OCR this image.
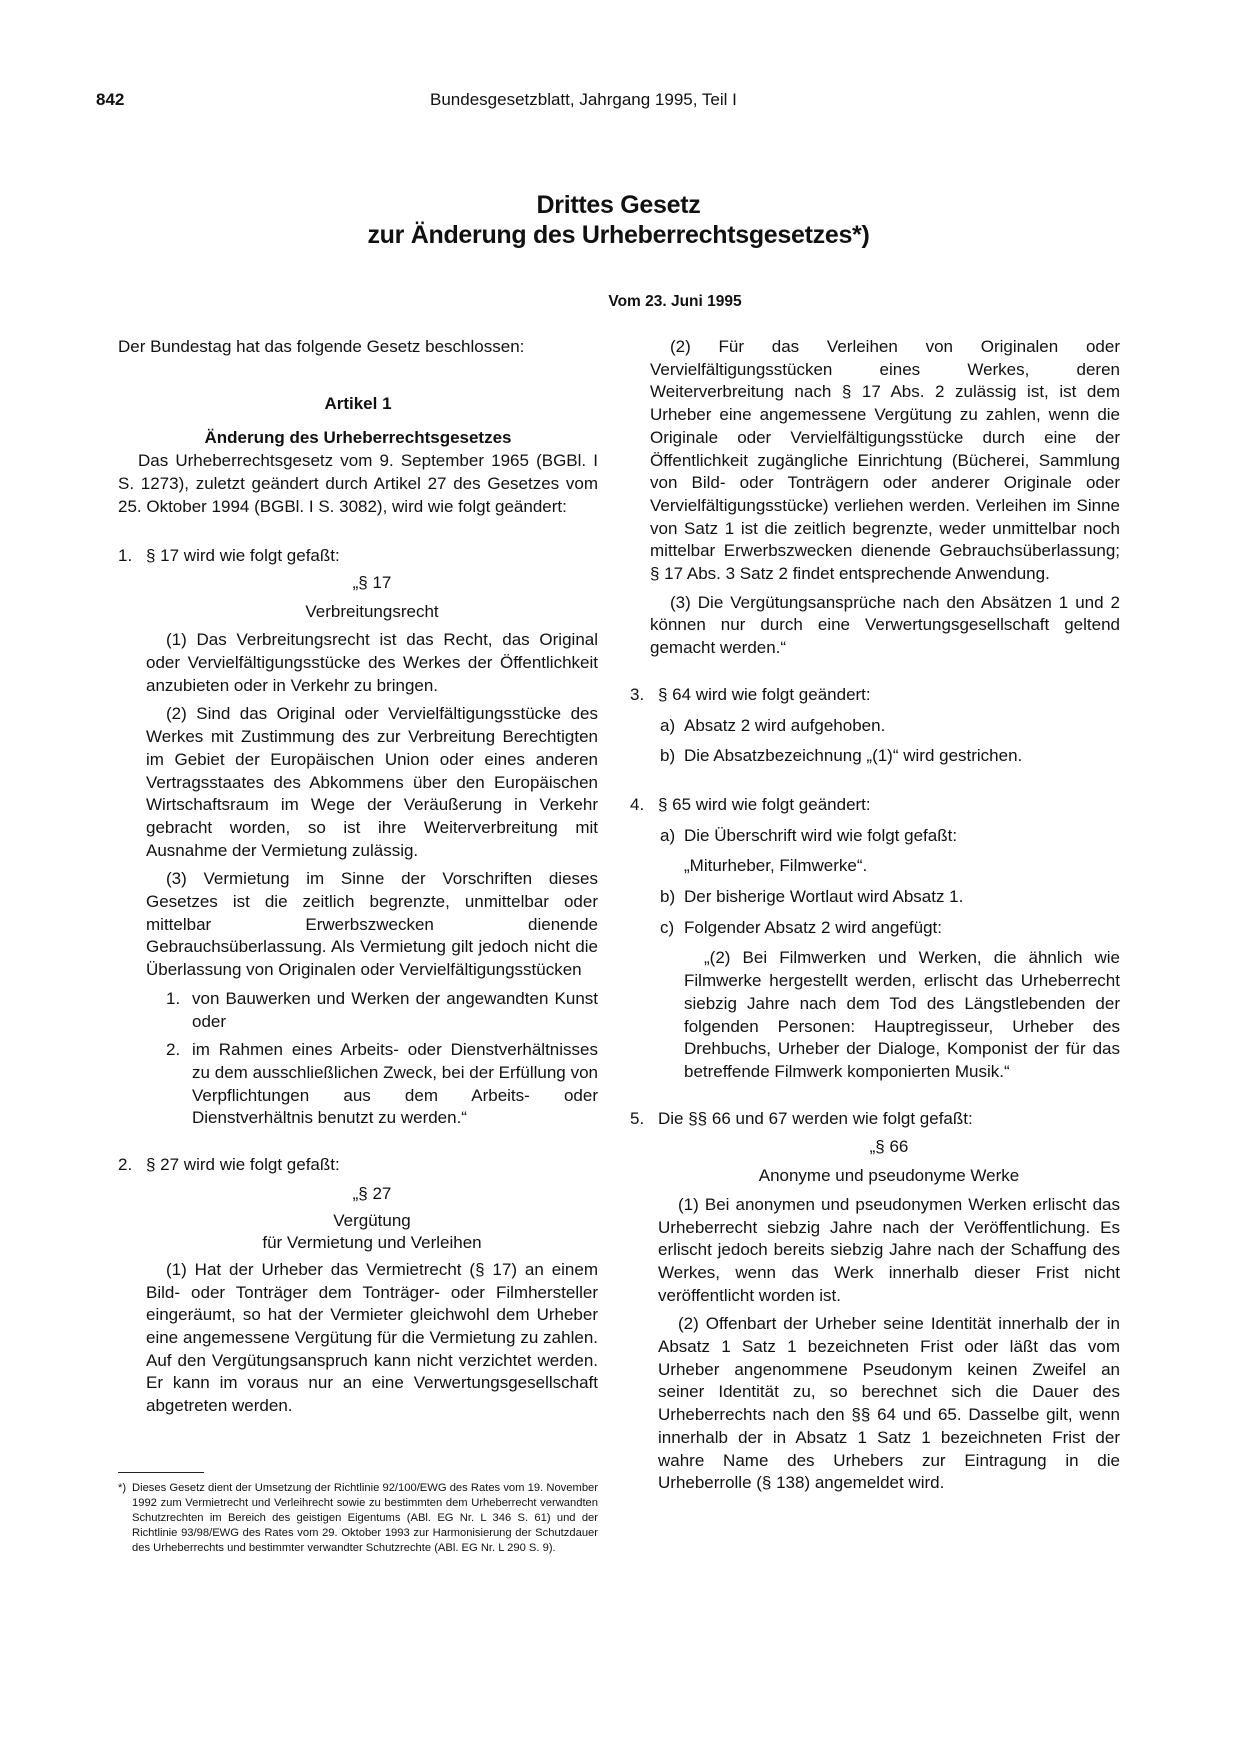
842	Bundesgesetzblatt, Jahrgang 1995, Teil I
Drittes Gesetz
zur Änderung des Urheberrechtsgesetzes*)
Vom 23. Juni 1995

Der Bundestag hat das folgende Gesetz beschlossen:

Artikel 1

Änderung des Urheberrechtsgesetzes

Das Urheberrechtsgesetz vom 9. September 1965 (BGBl. I S. 1273), zuletzt geändert durch Artikel 27 des Gesetzes vom 25. Oktober 1994 (BGBl. I S. 3082), wird wie folgt geändert:

1. § 17 wird wie folgt gefaßt:

„§ 17

Verbreitungsrecht

(1) Das Verbreitungsrecht ist das Recht, das Original oder Vervielfältigungsstücke des Werkes der Öffentlichkeit anzubieten oder in Verkehr zu bringen.

(2) Sind das Original oder Vervielfältigungsstücke des Werkes mit Zustimmung des zur Verbreitung Berechtigten im Gebiet der Europäischen Union oder eines anderen Vertragsstaates des Abkommens über den Europäischen Wirtschaftsraum im Wege der Veräußerung in Verkehr gebracht worden, so ist ihre Weiterverbreitung mit Ausnahme der Vermietung zulässig.

(3) Vermietung im Sinne der Vorschriften dieses Gesetzes ist die zeitlich begrenzte, unmittelbar oder mittelbar Erwerbszwecken dienende Gebrauchsüberlassung. Als Vermietung gilt jedoch nicht die Überlassung von Originalen oder Vervielfältigungsstücken

1. von Bauwerken und Werken der angewandten Kunst oder
2. im Rahmen eines Arbeits- oder Dienstverhältnisses zu dem ausschließlichen Zweck, bei der Erfüllung von Verpflichtungen aus dem Arbeits- oder Dienstverhältnis benutzt zu werden.“
2. § 27 wird wie folgt gefaßt:

„§ 27

Vergütung

für Vermietung und Verleihen

(1) Hat der Urheber das Vermietrecht (§ 17) an einem Bild- oder Tonträger dem Tonträger- oder Filmhersteller eingeräumt, so hat der Vermieter gleichwohl dem Urheber eine angemessene Vergütung für die Vermietung zu zahlen. Auf den Vergütungsanspruch kann nicht verzichtet werden. Er kann im voraus nur an eine Verwertungsgesellschaft abgetreten werden.

(2) Für das Verleihen von Originalen oder Vervielfältigungsstücken eines Werkes, deren Weiterverbreitung nach § 17 Abs. 2 zulässig ist, ist dem Urheber eine angemessene Vergütung zu zahlen, wenn die Originale oder Vervielfältigungsstücke durch eine der Öffentlichkeit zugängliche Einrichtung (Bücherei, Sammlung von Bild- oder Tonträgern oder anderer Originale oder Vervielfältigungsstücke) verliehen werden. Verleihen im Sinne von Satz 1 ist die zeitlich begrenzte, weder unmittelbar noch mittelbar Erwerbszwecken dienende Gebrauchsüberlassung; § 17 Abs. 3 Satz 2 findet entsprechende Anwendung.

(3) Die Vergütungsansprüche nach den Absätzen 1 und 2 können nur durch eine Verwertungsgesellschaft geltend gemacht werden.“

3. § 64 wird wie folgt geändert:
a) Absatz 2 wird aufgehoben.
b) Die Absatzbezeichnung „(1)“ wird gestrichen.
4. § 65 wird wie folgt geändert:
a) Die Überschrift wird wie folgt gefaßt:

„Miturheber, Filmwerke“.

b) Der bisherige Wortlaut wird Absatz 1.
c) Folgender Absatz 2 wird angefügt:

„(2) Bei Filmwerken und Werken, die ähnlich wie Filmwerke hergestellt werden, erlischt das Urheberrecht siebzig Jahre nach dem Tod des Längstlebenden der folgenden Personen: Hauptregisseur, Urheber des Drehbuchs, Urheber der Dialoge, Komponist der für das betreffende Filmwerk komponierten Musik.“

5. Die §§ 66 und 67 werden wie folgt gefaßt:

„§ 66

Anonyme und pseudonyme Werke

(1) Bei anonymen und pseudonymen Werken erlischt das Urheberrecht siebzig Jahre nach der Veröffentlichung. Es erlischt jedoch bereits siebzig Jahre nach der Schaffung des Werkes, wenn das Werk innerhalb dieser Frist nicht veröffentlicht worden ist.

(2) Offenbart der Urheber seine Identität innerhalb der in Absatz 1 Satz 1 bezeichneten Frist oder läßt das vom Urheber angenommene Pseudonym keinen Zweifel an seiner Identität zu, so berechnet sich die Dauer des Urheberrechts nach den §§ 64 und 65. Dasselbe gilt, wenn innerhalb der in Absatz 1 Satz 1 bezeichneten Frist der wahre Name des Urhebers zur Eintragung in die Urheberrolle (§ 138) angemeldet wird.

*) Dieses Gesetz dient der Umsetzung der Richtlinie 92/100/EWG des Rates vom 19. November 1992 zum Vermietrecht und Verleihrecht sowie zu bestimmten dem Urheberrecht verwandten Schutzrechten im Bereich des geistigen Eigentums (ABl. EG Nr. L 346 S. 61) und der Richtlinie 93/98/EWG des Rates vom 29. Oktober 1993 zur Harmonisierung der Schutzdauer des Urheberrechts und bestimmter verwandter Schutzrechte (ABl. EG Nr. L 290 S. 9).
